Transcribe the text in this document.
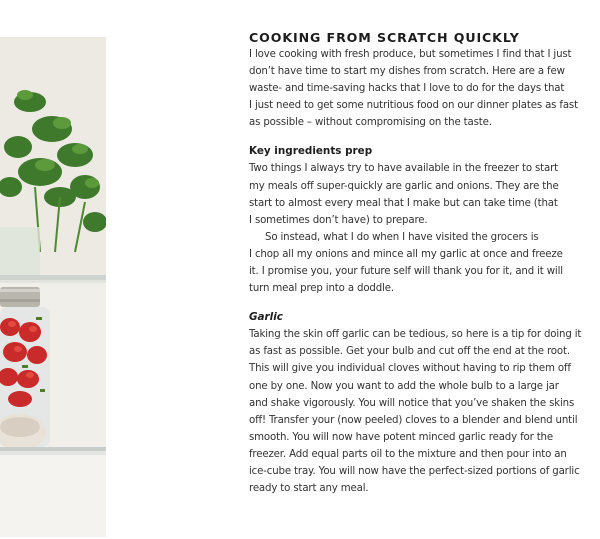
COOKING FROM SCRATCH QUICKLY

I love cooking with fresh produce, but sometimes I find that I just
don’t have time to start my dishes from scratch. Here are a few
waste- and time-saving hacks that I love to do for the days that
I just need to get some nutritious food on our dinner plates as fast
as possible – without compromising on the taste.

Key ingredients prep

Two things I always try to have available in the freezer to start
my meals off super-quickly are garlic and onions. They are the
start to almost every meal that I make but can take time (that
I sometimes don’t have) to prepare.
So instead, what I do when I have visited the grocers is
I chop all my onions and mince all my garlic at once and freeze
it. I promise you, your future self will thank you for it, and it will
turn meal prep into a doddle.

Garlic

Taking the skin off garlic can be tedious, so here is a tip for doing it
as fast as possible. Get your bulb and cut off the end at the root.
This will give you individual cloves without having to rip them off
one by one. Now you want to add the whole bulb to a large jar
and shake vigorously. You will notice that you’ve shaken the skins
off! Transfer your (now peeled) cloves to a blender and blend until
smooth. You will now have potent minced garlic ready for the
freezer. Add equal parts oil to the mixture and then pour into an
ice-cube tray. You will now have the perfect-sized portions of garlic
ready to start any meal.
